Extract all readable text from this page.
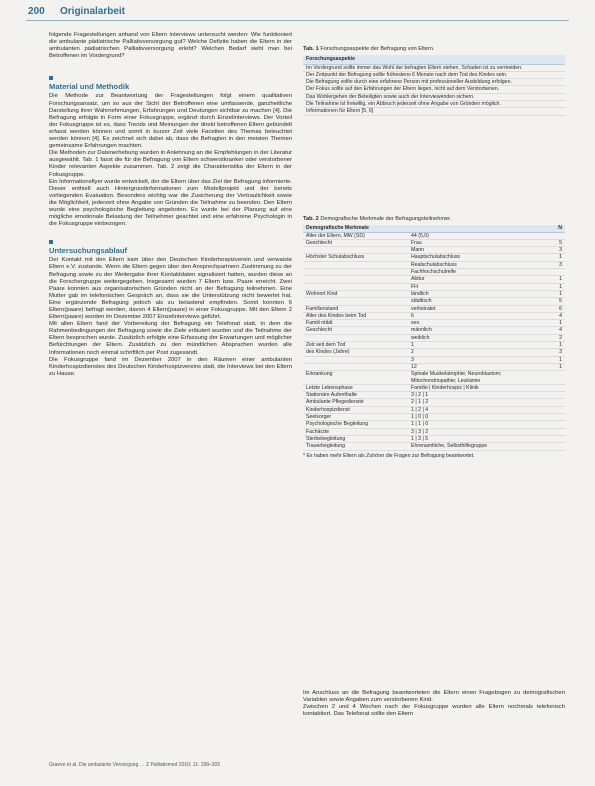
200 Originalarbeit

folgende Fragestellungen anhand von Eltern interviews untersucht werden: Wie funktioniert die ambulante pädiatrische Palliativversorgung gut? Welche Defizite haben die Eltern in der ambulanten pädiatrischen Palliativversorgung erlebt? Welchen Bedarf sieht man bei Betroffenen im Vordergrund?

Material und Methodik

Die Methode zur Beantwortung der Fragestellungen folgt einem qualitativen Forschungsansatz, um so aus der Sicht der Betroffenen eine umfassende, ganzheitliche Darstellung ihrer Wahrnehmungen, Erfahrungen und Deutungen sichtbar zu machen [4]. Die Befragung erfolgte in Form einer Fokusgruppe, ergänzt durch Einzelinterviews. Der Vorteil der Fokusgruppe ist es, dass Trends und Meinungen der direkt betroffenen Eltern gebündelt erfasst werden können und somit in kurzer Zeit viele Facetten des Themas beleuchtet werden können [4]. Es zeichnet sich dabei ab, dass die Befragten in den meisten Themen gemeinsame Erfahrungen machten.

Die Methoden zur Datenerhebung wurden in Anlehnung an die Empfehlungen in der Literatur ausgewählt. Tab. 1 fasst die für die Befragung von Eltern schwerstkranker oder verstorbener Kinder relevanten Aspekte zusammen. Tab. 2 zeigt die Charakteristika der Eltern in der Fokusgruppe.

Ein Informationsflyer wurde entwickelt, der die Eltern über das Ziel der Befragung informierte. Dieser enthielt auch Hintergrundinformationen zum Modellprojekt und der bereits vorliegenden Evaluation. Besonders wichtig war die Zusicherung der Vertraulichkeit sowie die Möglichkeit, jederzeit ohne Angabe von Gründen die Teilnahme zu beenden. Den Eltern wurde eine psychologische Begleitung angeboten. Es wurde bei der Planung auf eine mögliche emotionale Belastung der Teilnehmer geachtet und eine erfahrene Psychologin in die Fokusgruppe einbezogen.

Untersuchungsablauf

Der Kontakt mit den Eltern kam über den Deutschen Kinderhospizverein und verwaiste Eltern e.V. zustande. Wenn die Eltern gegen über den Ansprechpartnern Zustimmung zu der Befragung sowie zu der Weitergabe ihrer Kontaktdaten signalisiert hatten, wurden diese an die Forschergruppe weitergegeben. Insgesamt wurden 7 Eltern bzw. Paare erreicht. Zwei Paare konnten aus organisatorischen Gründen nicht an der Befragung teilnehmen. Eine Mutter gab im telefonischen Gespräch an, dass sie die Unterstützung nicht bewertet hat. Eine ergänzende Befragung jedoch als zu belastend empfinden. Somit konnten 6 Eltern(paare) befragt werden, davon 4 Eltern(paare) in einer Fokusgruppe. Mit den Eltern 2 Eltern(paare) wurden im Dezember 2007 Einzelinterviews geführt.

Mit allen Eltern fand der Vorbereitung der Befragung ein Telefonat statt, in dem die Rahmenbedingungen der Befragung sowie die Ziele erläutert wurden und die Teilnahme der Eltern besprochen wurde. Zusätzlich erfolgte eine Erfassung der Erwartungen und möglicher Befürchtungen der Eltern. Zusätzlich zu den mündlichen Absprachen wurden alle Informationen noch einmal schriftlich per Post zugesandt.

Die Fokusgruppe fand im Dezember 2007 in den Räumen einer ambulanten Kinderhospizdienstes des Deutschen Kinderhospizvereins statt, die Interviews bei den Eltern zu Hause.

Tab. 1 Forschungsaspekte der Befragung von Eltern.
Forschungsaspekte
Im Vordergrund sollte immer das Wohl der befragten Eltern stehen, Schaden ist zu vermeiden.
Der Zeitpunkt der Befragung sollte frühestens 6 Monate nach dem Tod des Kindes sein.
Die Befragung sollte durch eine erfahrene Person mit professioneller Ausbildung erfolgen.
Der Fokus sollte auf den Erfahrungen der Eltern liegen, nicht auf dem Verstorbenen.
Das Wohlergehen der Beteiligten sowie auch der Interviewenden sichern.
Die Teilnahme ist freiwillig, ein Abbruch jederzeit ohne Angabe von Gründen möglich.
Informationen für Eltern [5, 6]
Tab. 2 Demografische Merkmale der Befragungsteilnehmer.
Demografische Merkmale	N
Alter der Eltern, MW (SD)	44 (5,0)
Geschlecht	Frau	5
Mann	3
Höchster Schulabschluss	Hauptschulabschluss	1
Realschulabschluss	3
Fachhochschulreife
Abitur	1
FH	1
Wohnort Kind	ländlich	1
städtisch	5
Familienstand	verheiratet	6
Alter des Kindes beim Tod	6	4
Famili ntität	sex.	1
Geschlecht	männlich	4
weiblich	2
Zeit seit dem Tod	1	1
des Kindes (Jahre)	2	3
3	1
12	1
Erkrankung	Spinale Muskelatrophie; Neuroblastom; Mitochondriopathie; Leukämie
Letzte Lebensphase	Familie | Kinderhospiz | Klinik
Stationäre Aufenthalte	3 | 2 | 1
Ambulante Pflegedienste	2 | 1 | 2
Kinderhospizdienst	1 | 2 | 4
Seelsorger	1 | 0 | 0
Psychologische Begleitung	1 | 1 | 0
Fachärzte	3 | 3 | 2
Sterbebegleitung	1 | 3 | 5
Trauerbegleitung	Ehrenamtliche, Selbsthilfegruppe
* Es haben mehr Eltern als Zuhörer die Fragen zur Befragung beantwortet.

Im Anschluss an die Befragung beantworteten die Eltern einen Fragebogen zu demografischen Variablen sowie Angaben zum verstorbenen Kind.

Zwischen 2 und 4 Wochen nach der Fokusgruppe wurden alle Eltern nochmals telefonisch kontaktiert. Das Telefonat sollte den Eltern

Graeve et al. Die ambulante Versorgung … Z Palliativmed 2010; 11: 198–205
